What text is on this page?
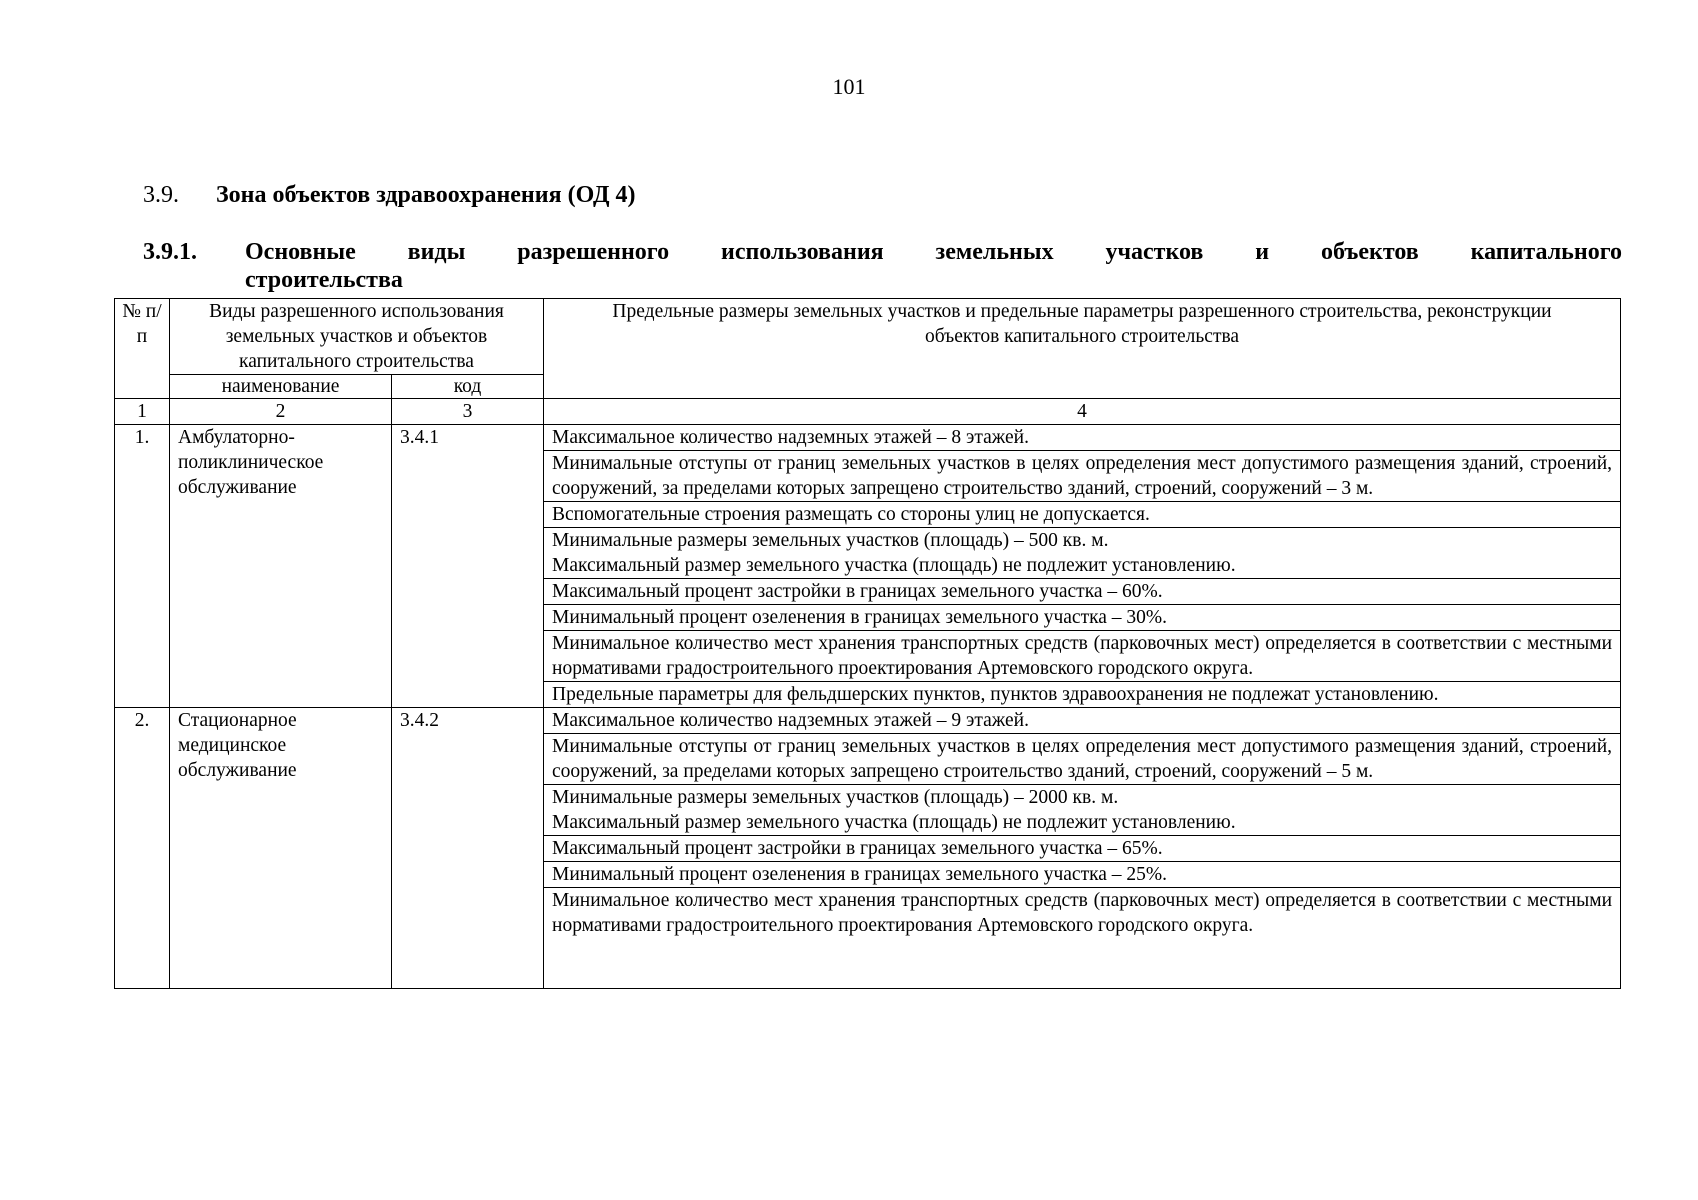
101
3.9. Зона объектов здравоохранения (ОД 4)
3.9.1. Основные виды разрешенного использования земельных участков и объектов капитального
строительства
№ п/п	Виды разрешенного использования земельных участков и объектов капитального строительства		Предельные размеры земельных участков и предельные параметры разрешенного строительства, реконструкции объектов капитального строительства
	наименование	код	
1	2	3	4
1.	Амбулаторно-поликлиническое обслуживание	3.4.1	Максимальное количество надземных этажей – 8 этажей.
			Минимальные отступы от границ земельных участков в целях определения мест допустимого размещения зданий, строений, сооружений, за пределами которых запрещено строительство зданий, строений, сооружений – 3 м.
			Вспомогательные строения размещать со стороны улиц не допускается.
			Минимальные размеры земельных участков (площадь) – 500 кв. м.
Максимальный размер земельного участка (площадь) не подлежит установлению.
			Максимальный процент застройки в границах земельного участка – 60%.
			Минимальный процент озеленения в границах земельного участка – 30%.
			Минимальное количество мест хранения транспортных средств (парковочных мест) определяется в соответствии с местными нормативами градостроительного проектирования Артемовского городского округа.
			Предельные параметры для фельдшерских пунктов, пунктов здравоохранения не подлежат установлению.
2.	Стационарное медицинское обслуживание	3.4.2	Максимальное количество надземных этажей – 9 этажей.
			Минимальные отступы от границ земельных участков в целях определения мест допустимого размещения зданий, строений, сооружений, за пределами которых запрещено строительство зданий, строений, сооружений – 5 м.
			Минимальные размеры земельных участков (площадь) – 2000 кв. м.
Максимальный размер земельного участка (площадь) не подлежит установлению.
			Максимальный процент застройки в границах земельного участка – 65%.
			Минимальный процент озеленения в границах земельного участка – 25%.
			Минимальное количество мест хранения транспортных средств (парковочных мест) определяется в соответствии с местными нормативами градостроительного проектирования Артемовского городского округа.
